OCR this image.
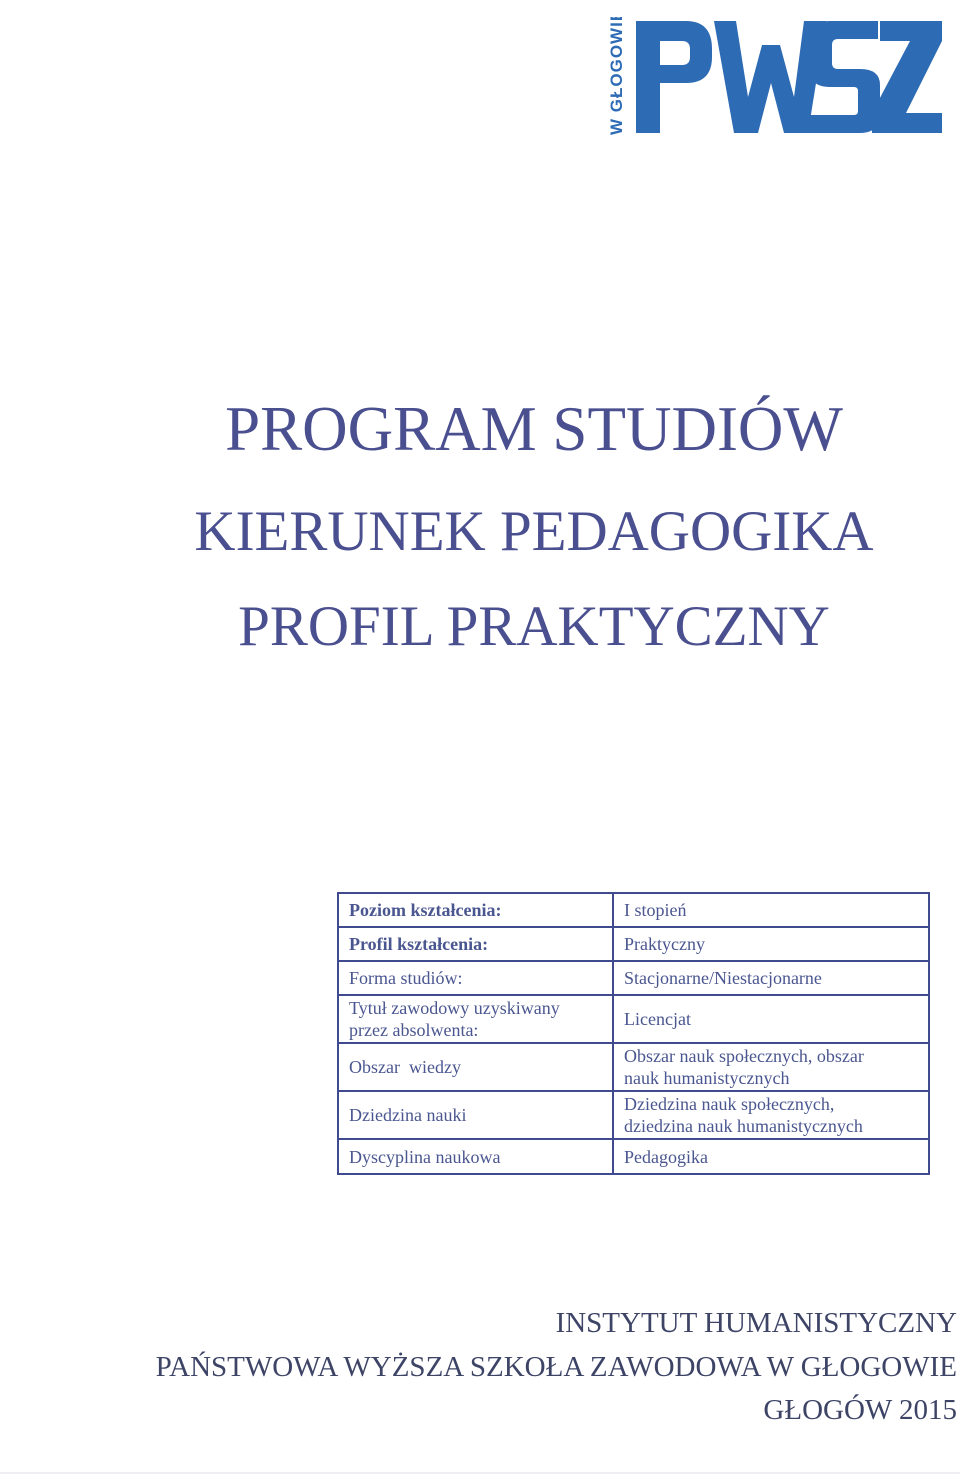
W GŁOGOWIE
PROGRAM STUDIÓW
KIERUNEK PEDAGOGIKA
PROFIL PRAKTYCZNY
Poziom kształcenia:	I stopień
Profil kształcenia:	Praktyczny
Forma studiów:	Stacjonarne/Niestacjonarne

Tytuł zawodowy uzyskiwany
przez absolwenta:	Licencjat
Obszar  wiedzy	Obszar nauk społecznych, obszar
nauk humanistycznych

Dziedzina nauki	Dziedzina nauk społecznych,
dziedzina nauk humanistycznych

Dyscyplina naukowa	Pedagogika

INSTYTUT HUMANISTYCZNY

PAŃSTWOWA WYŻSZA SZKOŁA ZAWODOWA W GŁOGOWIE

GŁOGÓW 2015
